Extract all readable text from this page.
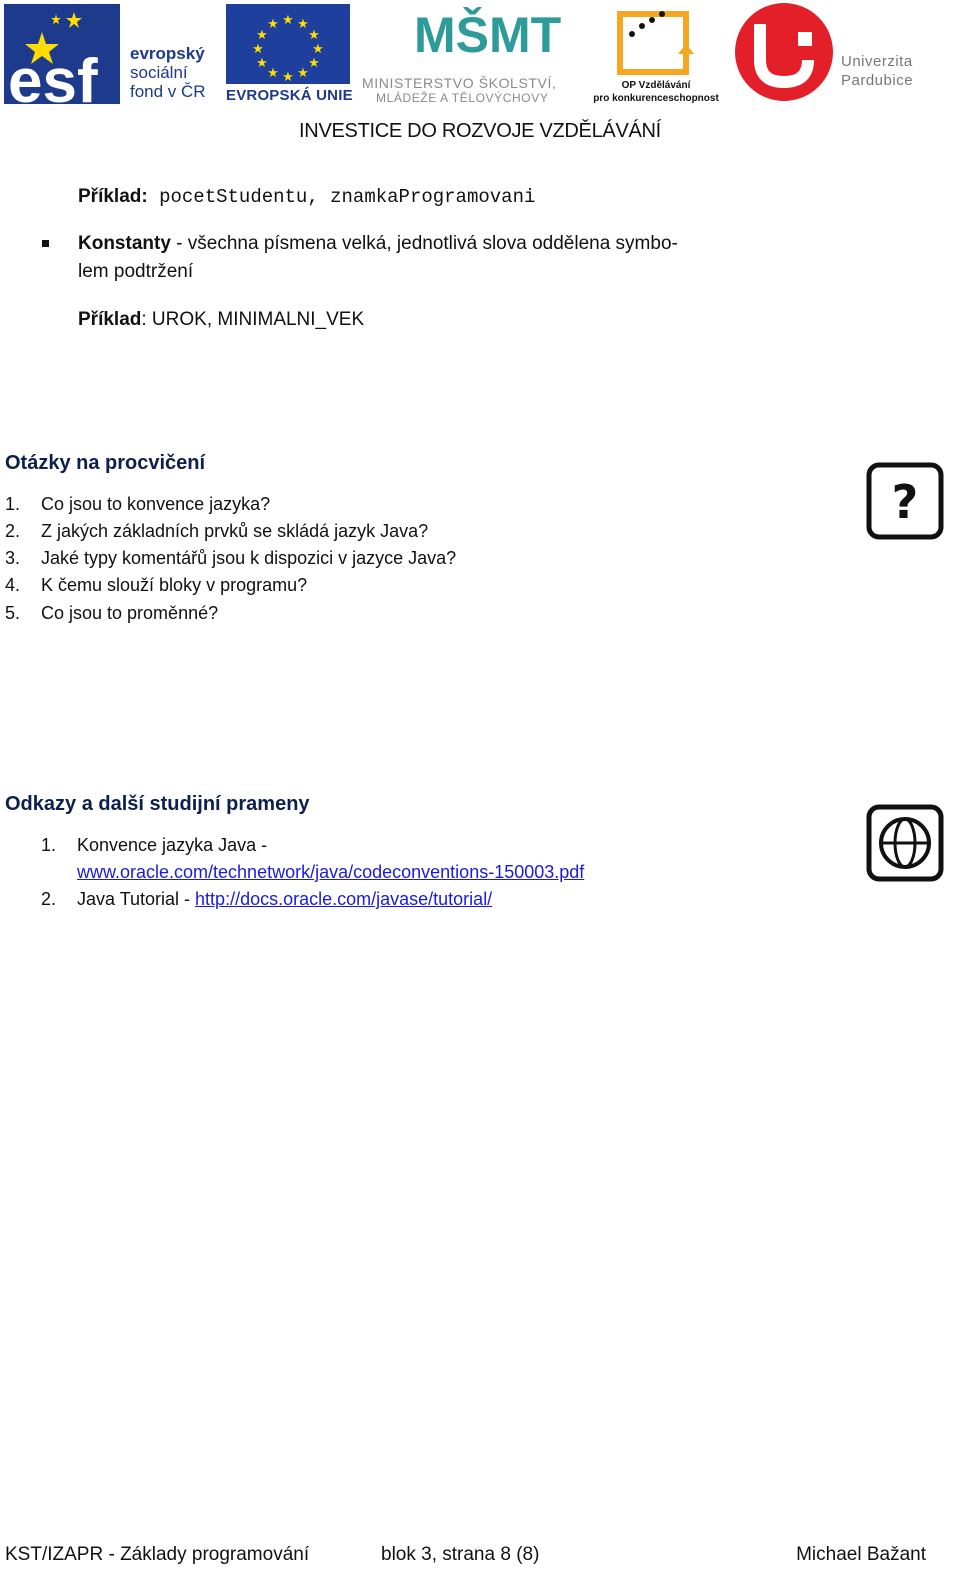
esf evropský
sociální
fond v ČR
★ ★
★
★
★
★
★
★
★
★
★
★
EVROPSKÁ UNIE
MŠMT
MINISTERSTVO ŠKOLSTVÍ,
MLÁDEŽE A TĚLOVÝCHOVY
OP Vzdělávání
pro konkurenceschopnost
Univerzita
Pardubice
INVESTICE DO ROZVOJE VZDĚLÁVÁNÍ
Příklad: pocetStudentu, znamkaProgramovani
Konstanty - všechna písmena velká, jednotlivá slova oddělena symbo-
lem podtržení
Příklad: UROK, MINIMALNI_VEK
Otázky na procvičení
?
1. Co jsou to konvence jazyka?
2. Z jakých základních prvků se skládá jazyk Java?
3. Jaké typy komentářů jsou k dispozici v jazyce Java?
4. K čemu slouží bloky v programu?
5. Co jsou to proměnné?
Odkazy a další studijní prameny
1. Konvence jazyka Java -
www.oracle.com/technetwork/java/codeconventions-150003.pdf
2. Java Tutorial - http://docs.oracle.com/javase/tutorial/
KST/IZAPR - Základy programování	blok 3, strana 8 (8)	Michael Bažant
